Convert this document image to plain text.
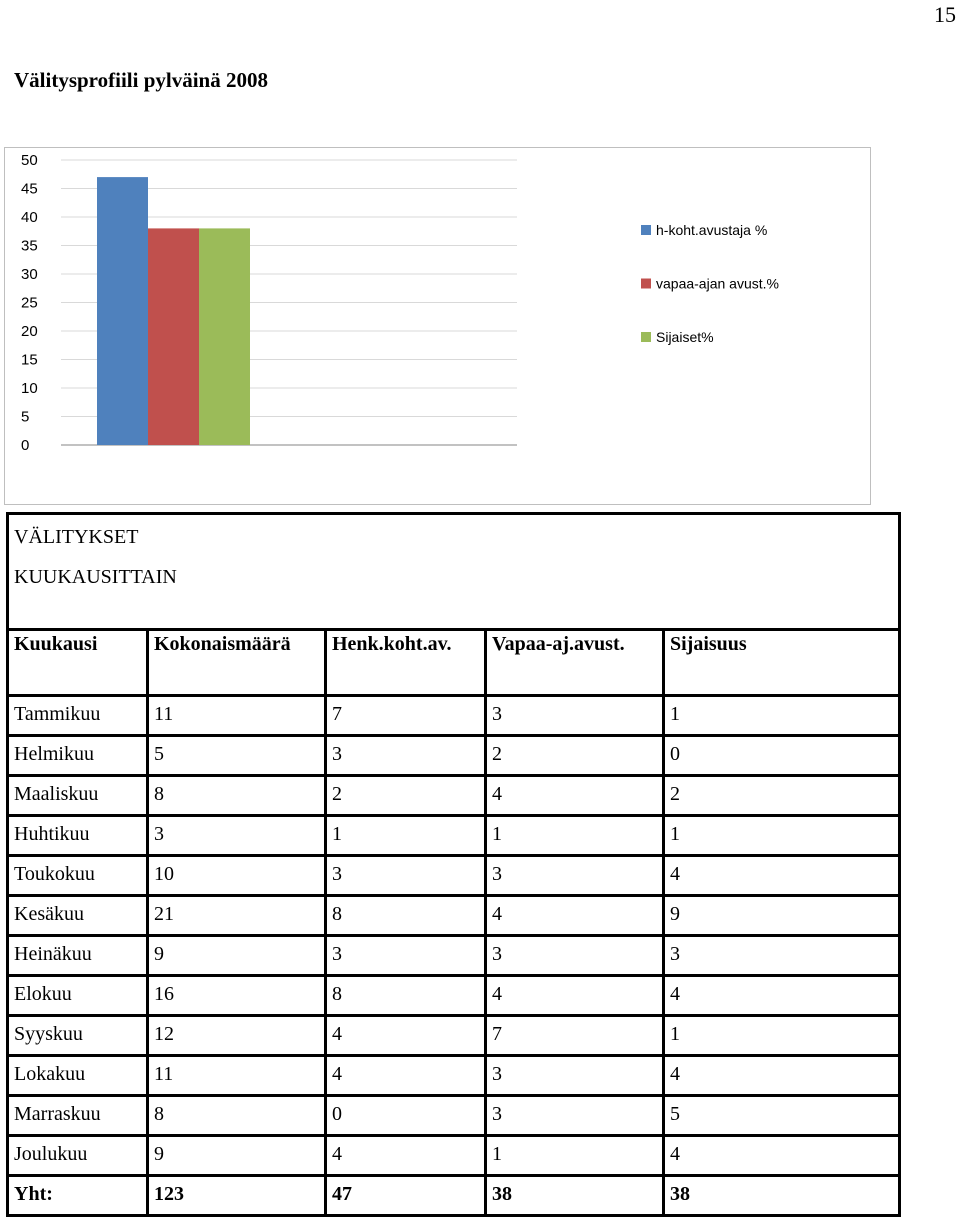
15
Välitysprofiili pylväinä 2008
50
45
40
35
30
25
20
15
10
5
0
h-koht.avustaja %
vapaa-ajan avust.%
Sijaiset%
VÄLITYKSET
KUUKAUSITTAIN				

Kuukausi	Kokonaismäärä	Henk.koht.av.	Vapaa-aj.avust.	Sijaisuus
Tammikuu	11	7	3	1
Helmikuu	5	3	2	0
Maaliskuu	8	2	4	2
Huhtikuu	3	1	1	1
Toukokuu	10	3	3	4
Kesäkuu	21	8	4	9
Heinäkuu	9	3	3	3
Elokuu	16	8	4	4
Syyskuu	12	4	7	1
Lokakuu	11	4	3	4
Marraskuu	8	0	3	5
Joulukuu	9	4	1	4
Yht:	123	47	38	38
